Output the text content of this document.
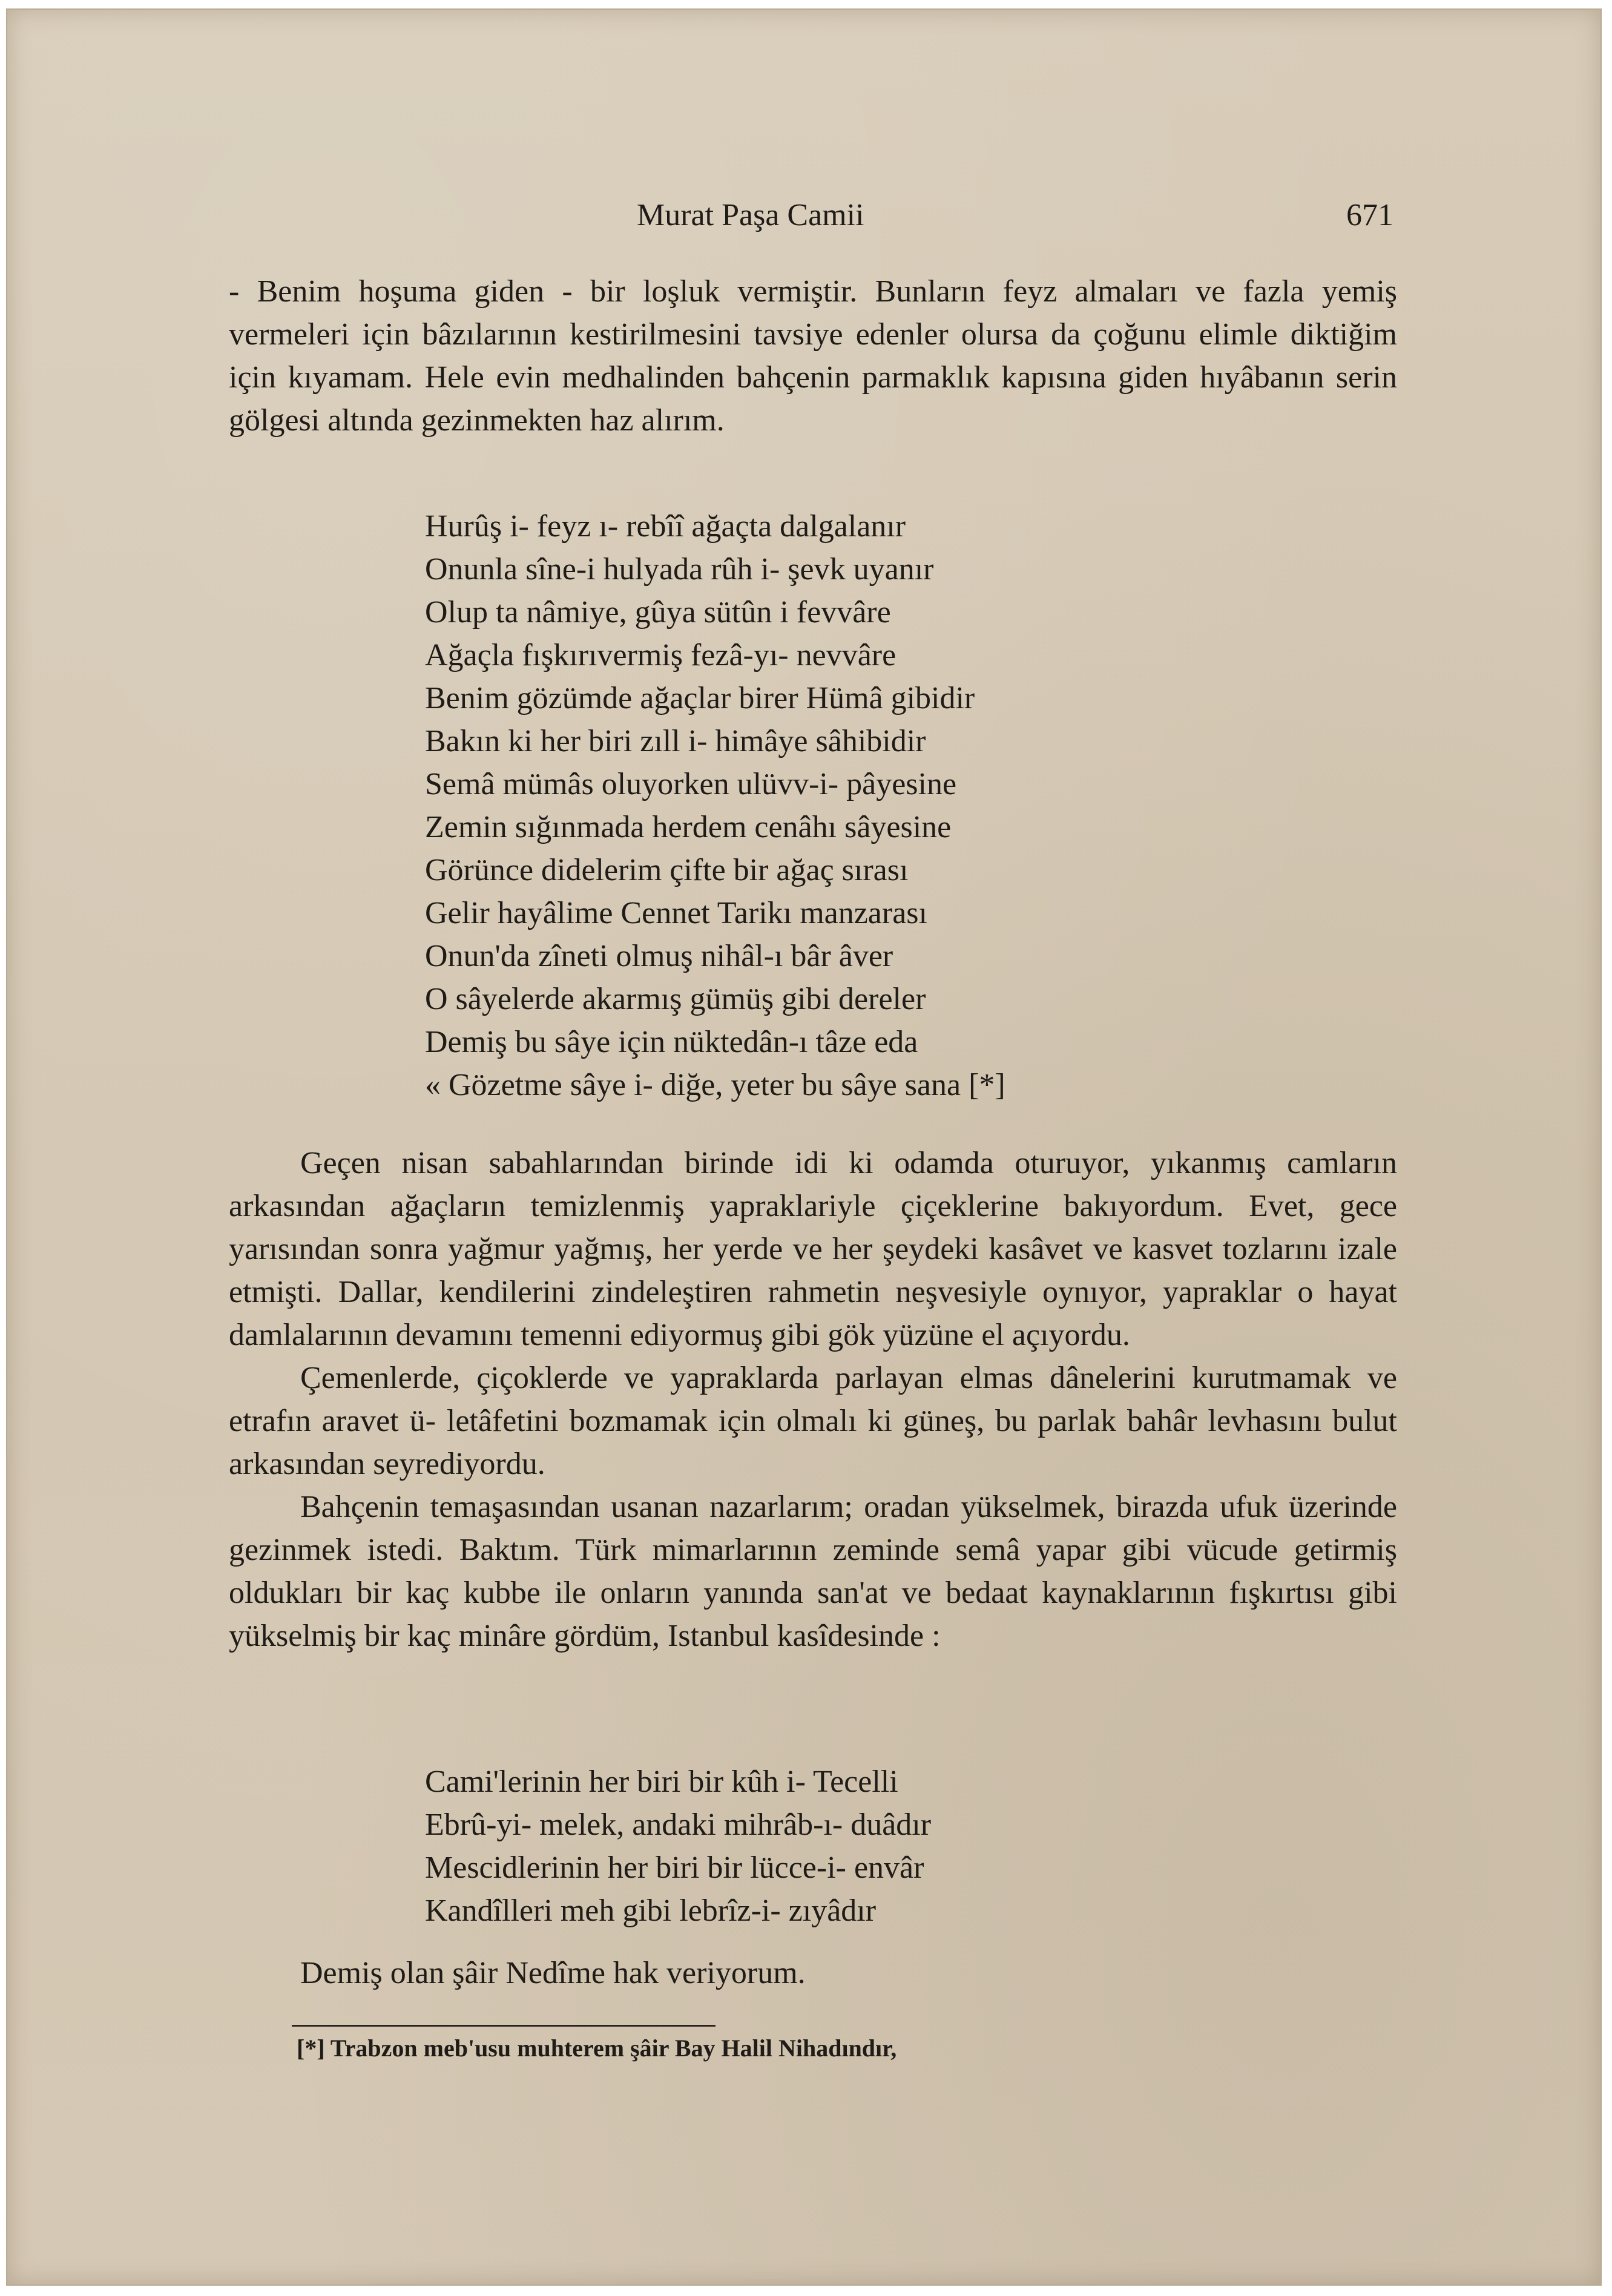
Murat Paşa Camii	671

- Benim hoşuma giden - bir loşluk vermiştir. Bunların feyz almaları ve fazla yemiş vermeleri için bâzılarının kestirilmesini tavsiye edenler olursa da çoğunu elimle diktiğim için kıyamam. Hele evin medhalinden bahçenin parmaklık kapısına giden hıyâbanın serin gölgesi altında gezinmekten haz alırım.

Hurûş i- feyz ı- rebîî ağaçta dalgalanır
Onunla sîne-i hulyada rûh i- şevk uyanır
Olup ta nâmiye, gûya sütûn i fevvâre
Ağaçla fışkırıvermiş fezâ-yı- nevvâre
Benim gözümde ağaçlar birer Hümâ gibidir
Bakın ki her biri zıll i- himâye sâhibidir
Semâ mümâs oluyorken ulüvv-i- pâyesine
Zemin sığınmada herdem cenâhı sâyesine
Görünce didelerim çifte bir ağaç sırası
Gelir hayâlime Cennet Tarikı manzarası
Onun'da zîneti olmuş nihâl-ı bâr âver
O sâyelerde akarmış gümüş gibi dereler
Demiş bu sâye için nüktedân-ı tâze eda
« Gözetme sâye i- diğe, yeter bu sâye sana [*]

Geçen nisan sabahlarından birinde idi ki odamda oturuyor, yıkanmış camların arkasından ağaçların temizlenmiş yapraklariyle çiçeklerine bakıyordum. Evet, gece yarısından sonra yağmur yağmış, her yerde ve her şeydeki kasâvet ve kasvet tozlarını izale etmişti. Dallar, kendilerini zindeleştiren rahmetin neşvesiyle oynıyor, yapraklar o hayat damlalarının devamını temenni ediyormuş gibi gök yüzüne el açıyordu.

Çemenlerde, çiçoklerde ve yapraklarda parlayan elmas dânelerini kurutmamak ve etrafın aravet ü- letâfetini bozmamak için olmalı ki güneş, bu parlak bahâr levhasını bulut arkasından seyrediyordu.

Bahçenin temaşasından usanan nazarlarım; oradan yükselmek, birazda ufuk üzerinde gezinmek istedi. Baktım. Türk mimarlarının zeminde semâ yapar gibi vücude getirmiş oldukları bir kaç kubbe ile onların yanında san'at ve bedaat kaynaklarının fışkırtısı gibi yükselmiş bir kaç minâre gördüm, Istanbul kasîdesinde :

Cami'lerinin her biri bir kûh i- Tecelli
Ebrû-yi- melek, andaki mihrâb-ı- duâdır
Mescidlerinin her biri bir lücce-i- envâr
Kandîlleri meh gibi lebrîz-i- zıyâdır

Demiş olan şâir Nedîme hak veriyorum.

[*] Trabzon meb'usu muhterem şâir Bay Halil Nihadındır,
